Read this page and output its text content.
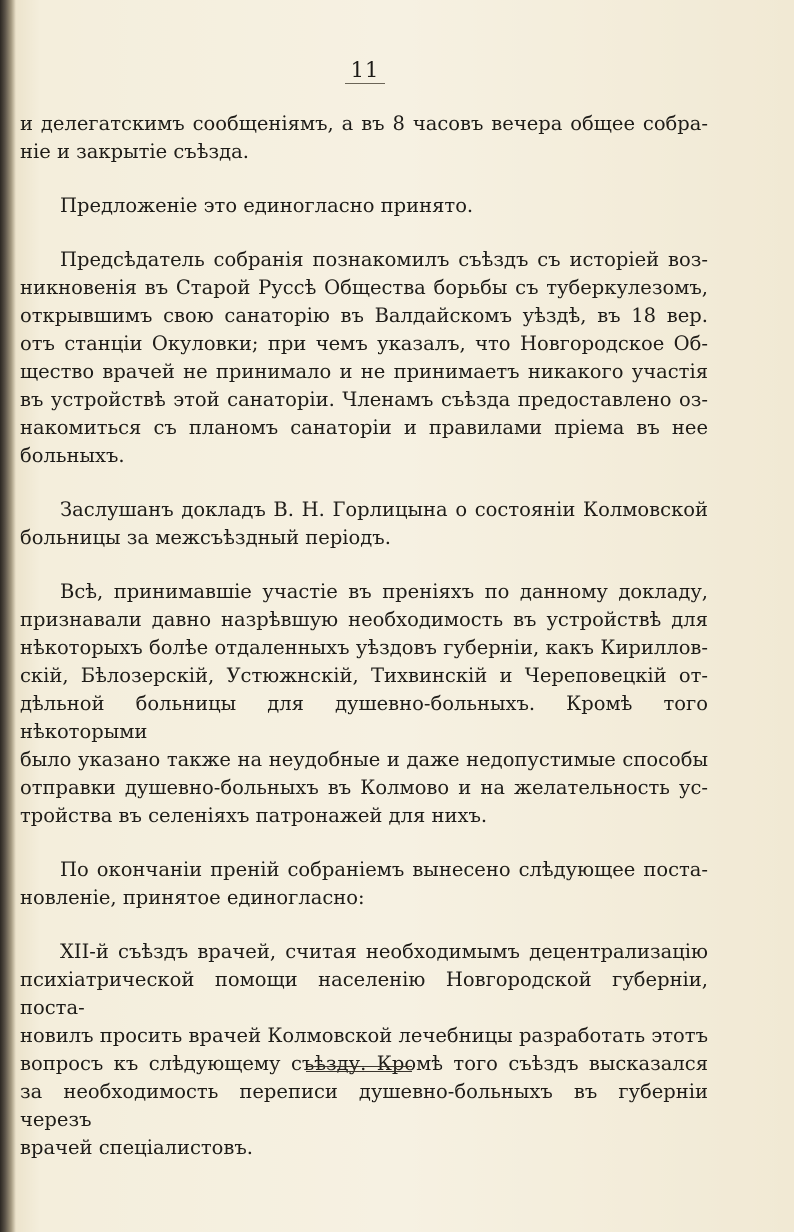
11

и делегатскимъ сообщеніямъ, а въ 8 часовъ вечера общее собра-
ніе и закрытіе съѣзда.

Предложеніе это единогласно принято.

Предсѣдатель собранія познакомилъ съѣздъ съ исторіей воз-
никновенія въ Старой Руссѣ Общества борьбы съ туберкулезомъ,
открывшимъ свою санаторію въ Валдайскомъ уѣздѣ, въ 18 вер.
отъ станціи Окуловки; при чемъ указалъ, что Новгородское Об-
щество врачей не принимало и не принимаетъ никакого участія
въ устройствѣ этой санаторіи. Членамъ съѣзда предоставлено оз-
накомиться съ планомъ санаторіи и правилами пріема въ нее
больныхъ.

Заслушанъ докладъ В. Н. Горлицына о состояніи Колмовской
больницы за межсъѣздный періодъ.

Всѣ, принимавшіе участіе въ преніяхъ по данному докладу,
признавали давно назрѣвшую необходимость въ устройствѣ для
нѣкоторыхъ болѣе отдаленныхъ уѣздовъ губерніи, какъ Кириллов-
скій, Бѣлозерскій, Устюжнскій, Тихвинскій и Череповецкій от-
дѣльной больницы для душевно-больныхъ. Кромѣ того нѣкоторыми
было указано также на неудобные и даже недопустимые способы
отправки душевно-больныхъ въ Колмово и на желательность ус-
тройства въ селеніяхъ патронажей для нихъ.

По окончаніи преній собраніемъ вынесено слѣдующее поста-
новленіе, принятое единогласно:

XII-й съѣздъ врачей, считая необходимымъ децентрализацію
психіатрической помощи населенію Новгородской губерніи, поста-
новилъ просить врачей Колмовской лечебницы разработать этотъ
вопросъ къ слѣдующему съѣзду. Кромѣ того съѣздъ высказался
за необходимость переписи душевно-больныхъ въ губерніи черезъ
врачей спеціалистовъ.
